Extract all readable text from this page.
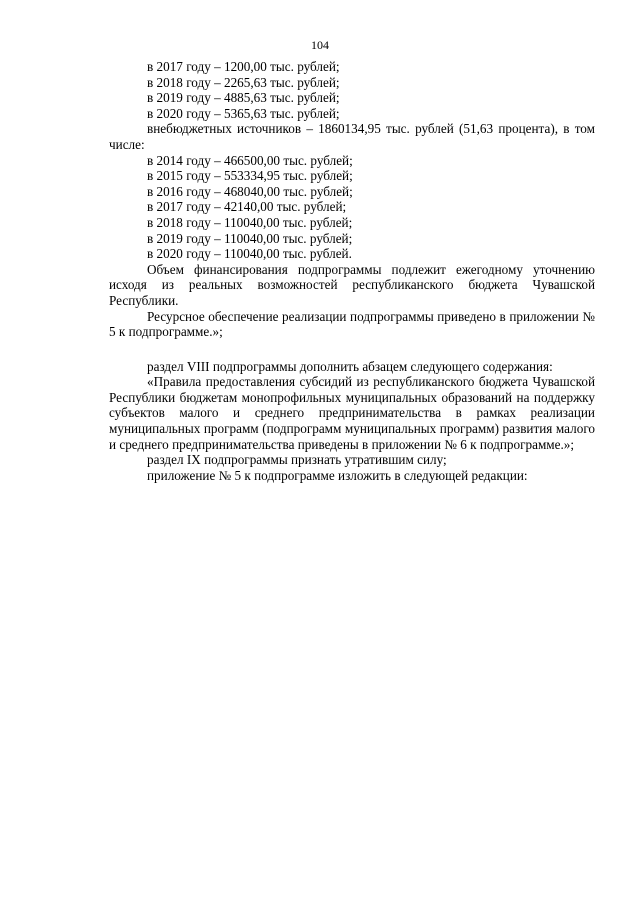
104
в 2017 году – 1200,00 тыс. рублей;
в 2018 году – 2265,63 тыс. рублей;
в 2019 году – 4885,63 тыс. рублей;
в 2020 году – 5365,63 тыс. рублей;
внебюджетных источников – 1860134,95 тыс. рублей (51,63 процента), в том числе:
в 2014 году – 466500,00 тыс. рублей;
в 2015 году – 553334,95 тыс. рублей;
в 2016 году – 468040,00 тыс. рублей;
в 2017 году – 42140,00 тыс. рублей;
в 2018 году – 110040,00 тыс. рублей;
в 2019 году – 110040,00 тыс. рублей;
в 2020 году – 110040,00 тыс. рублей.
Объем финансирования подпрограммы подлежит ежегодному уточнению исходя из реальных возможностей республиканского бюджета Чувашской Республики.
Ресурсное обеспечение реализации подпрограммы приведено в приложении № 5 к подпрограмме.»;
раздел VIII подпрограммы дополнить абзацем следующего содержания:
«Правила предоставления субсидий из республиканского бюджета Чувашской Республики бюджетам монопрофильных муниципальных образований на поддержку субъектов малого и среднего предпринимательства в рамках реализации муниципальных программ (подпрограмм муниципальных программ) развития малого и среднего предпринимательства приведены в приложении № 6 к подпрограмме.»;
раздел IX подпрограммы признать утратившим силу;
приложение № 5 к подпрограмме изложить в следующей редакции:
